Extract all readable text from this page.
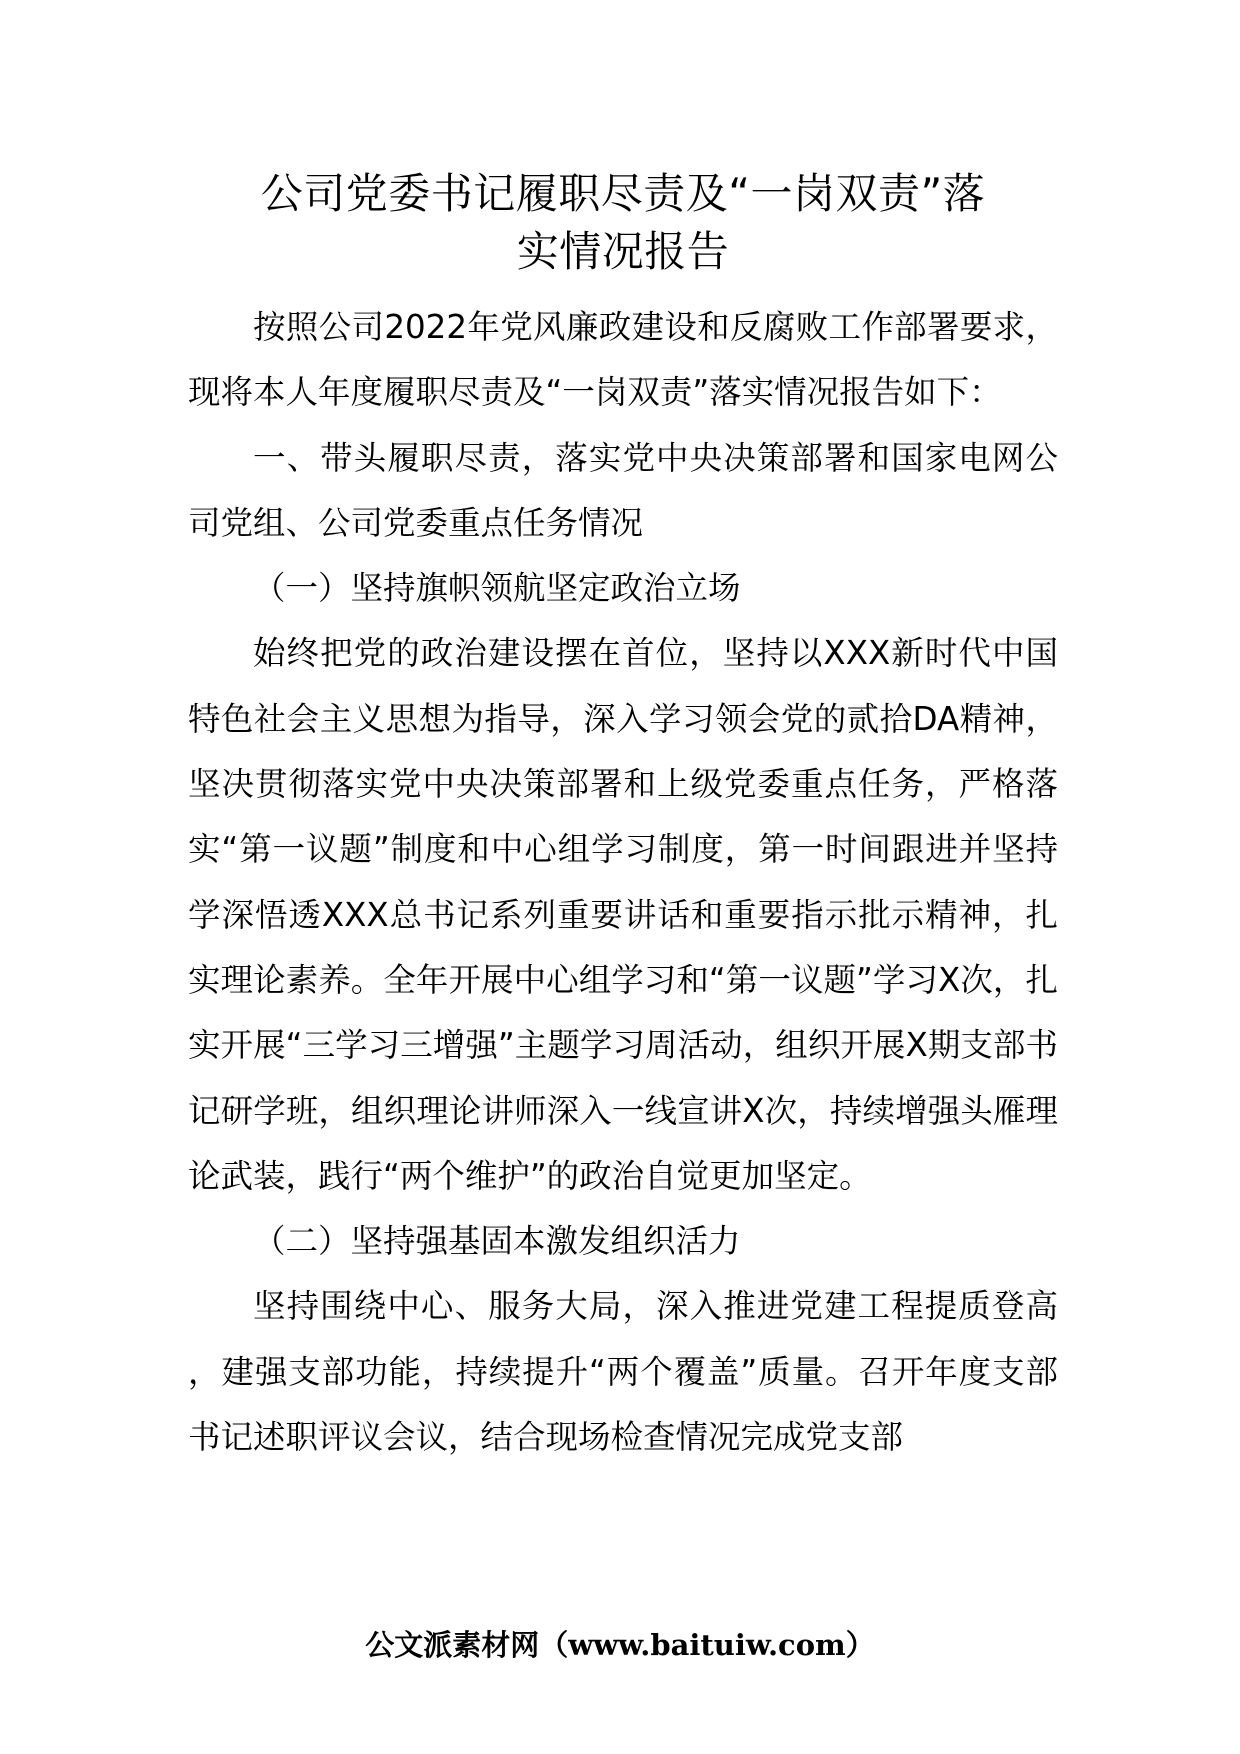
公司党委书记履职尽责及“一岗双责”落
实情况报告

按照公司2022年党风廉政建设和反腐败工作部署要求，现将本人年度履职尽责及“一岗双责”落实情况报告如下：

一、带头履职尽责，落实党中央决策部署和国家电网公司党组、公司党委重点任务情况

（一）坚持旗帜领航坚定政治立场

始终把党的政治建设摆在首位，坚持以XXX新时代中国特色社会主义思想为指导，深入学习领会党的贰拾DA精神，坚决贯彻落实党中央决策部署和上级党委重点任务，严格落实“第一议题”制度和中心组学习制度，第一时间跟进并坚持学深悟透XXX总书记系列重要讲话和重要指示批示精神，扎实理论素养。全年开展中心组学习和“第一议题”学习X次，扎实开展“三学习三增强”主题学习周活动，组织开展X期支部书记研学班，组织理论讲师深入一线宣讲X次，持续增强头雁理论武装，践行“两个维护”的政治自觉更加坚定。

（二）坚持强基固本激发组织活力

坚持围绕中心、服务大局，深入推进党建工程提质登高，建强支部功能，持续提升“两个覆盖”质量。召开年度支部书记述职评议会议，结合现场检查情况完成党支部

公文派素材网（www.baituiw.com）
